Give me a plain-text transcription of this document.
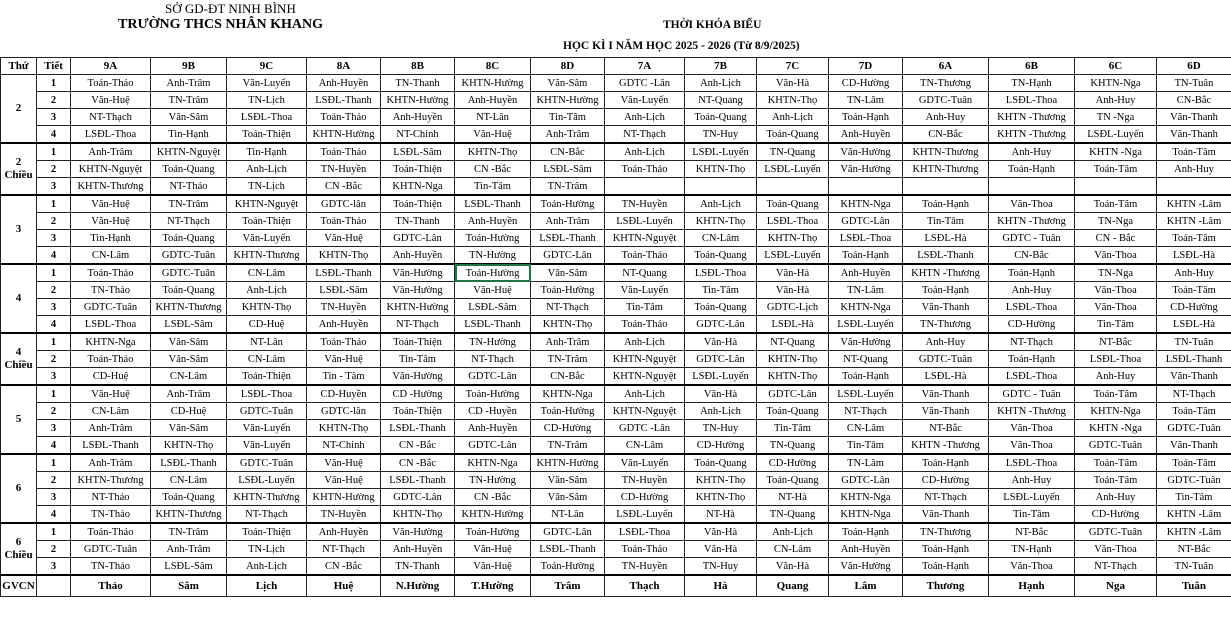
SỞ GD-ĐT NINH BÌNH
TRƯỜNG THCS NHÂN KHANG	THỜI KHÓA BIỂU
HỌC KÌ I NĂM HỌC 2025 - 2026 (Từ 8/9/2025)
Thứ	Tiết	9A	9B	9C	8A	8B	8C	8D	7A	7B	7C	7D	6A	6B	6C	6D
2	1	Toán-Thảo	Anh-Trâm	Văn-Luyến	Anh-Huyền	TN-Thanh	KHTN-Hường	Văn-Sâm	GDTC -Lân	Anh-Lịch	Văn-Hà	CD-Hường	TN-Thương	TN-Hạnh	KHTN-Nga	TN-Tuân
	2	Văn-Huệ	TN-Trâm	TN-Lịch	LSĐL-Thanh	KHTN-Hường	Anh-Huyền	KHTN-Hường	Văn-Luyến	NT-Quang	KHTN-Thọ	TN-Lâm	GDTC-Tuân	LSĐL-Thoa	Anh-Huy	CN-Bắc
	3	NT-Thạch	Văn-Sâm	LSĐL-Thoa	Toán-Thảo	Anh-Huyền	NT-Lân	Tin-Tâm	Anh-Lịch	Toán-Quang	Anh-Lịch	Toán-Hạnh	Anh-Huy	KHTN -Thương	TN -Nga	Văn-Thanh
	4	LSĐL-Thoa	Tin-Hạnh	Toán-Thiện	KHTN-Hường	NT-Chinh	Văn-Huệ	Anh-Trâm	NT-Thạch	TN-Huy	Toán-Quang	Anh-Huyền	CN-Bắc	KHTN -Thương	LSĐL-Luyến	Văn-Thanh
2 Chiều	1	Anh-Trâm	KHTN-Nguyệt	Tin-Hạnh	Toán-Thảo	LSĐL-Sâm	KHTN-Thọ	CN-Bắc	Anh-Lịch	LSĐL-Luyến	TN-Quang	Văn-Hường	KHTN-Thương	Anh-Huy	KHTN -Nga	Toán-Tâm
	2	KHTN-Nguyệt	Toán-Quang	Anh-Lịch	TN-Huyền	Toán-Thiện	CN -Bắc	LSĐL-Sâm	Toán-Thảo	KHTN-Thọ	LSĐL-Luyến	Văn-Hường	KHTN-Thương	Toán-Hạnh	Toán-Tâm	Anh-Huy
	3	KHTN-Thương	NT-Thảo	TN-Lịch	CN -Bắc	KHTN-Nga	Tin-Tâm	TN-Trâm								
3	1	Văn-Huệ	TN-Trâm	KHTN-Nguyệt	GDTC-lân	Toán-Thiện	LSĐL-Thanh	Toán-Hường	TN-Huyền	Anh-Lịch	Toán-Quang	KHTN-Nga	Toán-Hạnh	Văn-Thoa	Toán-Tâm	KHTN -Lâm
	2	Văn-Huệ	NT-Thạch	Toán-Thiện	Toán-Thảo	TN-Thanh	Anh-Huyền	Anh-Trâm	LSĐL-Luyến	KHTN-Thọ	LSĐL-Thoa	GDTC-Lân	Tin-Tâm	KHTN -Thương	TN-Nga	KHTN -Lâm
	3	Tin-Hạnh	Toán-Quang	Văn-Luyến	Văn-Huệ	GDTC-Lân	Toán-Hường	LSĐL-Thanh	KHTN-Nguyệt	CN-Lâm	KHTN-Thọ	LSĐL-Thoa	LSĐL-Hà	GDTC - Tuân	CN - Bắc	Toán-Tâm
	4	CN-Lâm	GDTC-Tuân	KHTN-Thương	KHTN-Thọ	Anh-Huyền	TN-Hường	GDTC-Lân	Toán-Thảo	Toán-Quang	LSĐL-Luyến	Toán-Hạnh	LSĐL-Thanh	CN-Bắc	Văn-Thoa	LSĐL-Hà
4	1	Toán-Thảo	GDTC-Tuân	CN-Lâm	LSĐL-Thanh	Văn-Hường	Toán-Hường	Văn-Sâm	NT-Quang	LSĐL-Thoa	Văn-Hà	Anh-Huyền	KHTN -Thương	Toán-Hạnh	TN-Nga	Anh-Huy
	2	TN-Thảo	Toán-Quang	Anh-Lịch	LSĐL-Sâm	Văn-Hường	Văn-Huệ	Toán-Hường	Văn-Luyến	Tin-Tâm	Văn-Hà	TN-Lâm	Toán-Hạnh	Anh-Huy	Văn-Thoa	Toán-Tâm
	3	GDTC-Tuân	KHTN-Thương	KHTN-Thọ	TN-Huyền	KHTN-Hường	LSĐL-Sâm	NT-Thạch	Tin-Tâm	Toán-Quang	GDTC-Lịch	KHTN-Nga	Văn-Thanh	LSĐL-Thoa	Văn-Thoa	CD-Hường
	4	LSĐL-Thoa	LSĐL-Sâm	CD-Huệ	Anh-Huyền	NT-Thạch	LSĐL-Thanh	KHTN-Thọ	Toán-Thảo	GDTC-Lân	LSĐL-Hà	LSĐL-Luyến	TN-Thương	CD-Hường	Tin-Tâm	LSĐL-Hà
4 Chiều	1	KHTN-Nga	Văn-Sâm	NT-Lân	Toán-Thảo	Toán-Thiện	TN-Hường	Anh-Trâm	Anh-Lịch	Văn-Hà	NT-Quang	Văn-Hường	Anh-Huy	NT-Thạch	NT-Bắc	TN-Tuân
	2	Toán-Thảo	Văn-Sâm	CN-Lâm	Văn-Huệ	Tin-Tâm	NT-Thạch	TN-Trâm	KHTN-Nguyệt	GDTC-Lân	KHTN-Thọ	NT-Quang	GDTC-Tuân	Toán-Hạnh	LSĐL-Thoa	LSĐL-Thanh
	3	CD-Huệ	CN-Lâm	Toán-Thiện	Tin - Tâm	Văn-Hường	GDTC-Lân	CN-Bắc	KHTN-Nguyệt	LSĐL-Luyến	KHTN-Thọ	Toán-Hạnh	LSĐL-Hà	LSĐL-Thoa	Anh-Huy	Văn-Thanh
5	1	Văn-Huệ	Anh-Trâm	LSĐL-Thoa	CD-Huyền	CD -Hường	Toán-Hường	KHTN-Nga	Anh-Lịch	Văn-Hà	GDTC-Lân	LSĐL-Luyến	Văn-Thanh	GDTC - Tuân	Toán-Tâm	NT-Thạch
	2	CN-Lâm	CD-Huệ	GDTC-Tuân	GDTC-lân	Toán-Thiện	CD -Huyền	Toán-Hường	KHTN-Nguyệt	Anh-Lịch	Toán-Quang	NT-Thạch	Văn-Thanh	KHTN -Thương	KHTN-Nga	Toán-Tâm
	3	Anh-Trâm	Văn-Sâm	Văn-Luyến	KHTN-Thọ	LSĐL-Thanh	Anh-Huyền	CD-Hường	GDTC -Lân	TN-Huy	Tin-Tâm	CN-Lâm	NT-Bắc	Văn-Thoa	KHTN -Nga	GDTC-Tuân
	4	LSĐL-Thanh	KHTN-Thọ	Văn-Luyến	NT-Chinh	CN -Bắc	GDTC-Lân	TN-Trâm	CN-Lâm	CD-Hường	TN-Quang	Tin-Tâm	KHTN -Thương	Văn-Thoa	GDTC-Tuân	Văn-Thanh
6	1	Anh-Trâm	LSĐL-Thanh	GDTC-Tuân	Văn-Huệ	CN -Bắc	KHTN-Nga	KHTN-Hường	Văn-Luyến	Toán-Quang	CD-Hường	TN-Lâm	Toán-Hạnh	LSĐL-Thoa	Toán-Tâm	Toán-Tâm
	2	KHTN-Thương	CN-Lâm	LSĐL-Luyến	Văn-Huệ	LSĐL-Thanh	TN-Hường	Văn-Sâm	TN-Huyền	KHTN-Thọ	Toán-Quang	GDTC-Lân	CD-Hường	Anh-Huy	Toán-Tâm	GDTC-Tuân
	3	NT-Thảo	Toán-Quang	KHTN-Thương	KHTN-Hường	GDTC-Lân	CN -Bắc	Văn-Sâm	CD-Hường	KHTN-Thọ	NT-Hà	KHTN-Nga	NT-Thạch	LSĐL-Luyến	Anh-Huy	Tin-Tâm
	4	TN-Thảo	KHTN-Thương	NT-Thạch	TN-Huyền	KHTN-Thọ	KHTN-Hường	NT-Lân	LSĐL-Luyến	NT-Hà	TN-Quang	KHTN-Nga	Văn-Thanh	Tin-Tâm	CD-Hường	KHTN -Lâm
6 Chiều	1	Toán-Thảo	TN-Trâm	Toán-Thiện	Anh-Huyền	Văn-Hường	Toán-Hường	GDTC-Lân	LSĐL-Thoa	Văn-Hà	Anh-Lịch	Toán-Hạnh	TN-Thương	NT-Bắc	GDTC-Tuân	KHTN -Lâm
	2	GDTC-Tuân	Anh-Trâm	TN-Lịch	NT-Thạch	Anh-Huyền	Văn-Huệ	LSĐL-Thanh	Toán-Thảo	Văn-Hà	CN-Lâm	Anh-Huyền	Toán-Hạnh	TN-Hạnh	Văn-Thoa	NT-Bắc
	3	TN-Thảo	LSĐL-Sâm	Anh-Lịch	CN -Bắc	TN-Thanh	Văn-Huệ	Toán-Hường	TN-Huyền	TN-Huy	Văn-Hà	Văn-Hường	Toán-Hạnh	Văn-Thoa	NT-Thạch	TN-Tuân
GVCN		Thảo	Sâm	Lịch	Huệ	N.Hường	T.Hường	Trâm	Thạch	Hà	Quang	Lâm	Thương	Hạnh	Nga	Tuân
